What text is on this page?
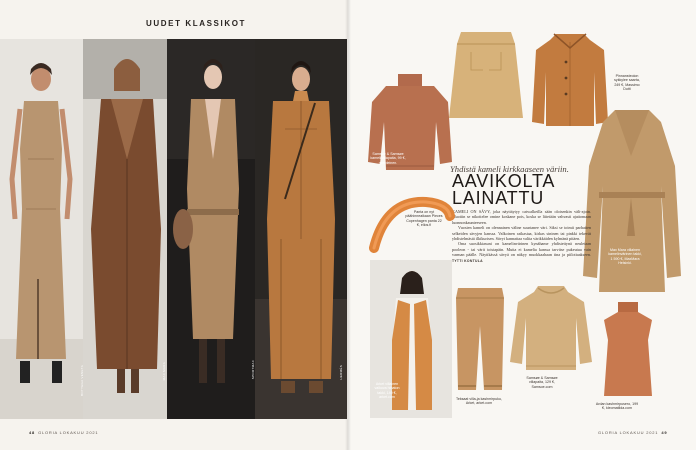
UUDET KLASSIKOT
BOTTEGA VENETA	MAX MARA	SPORTMAX	HERMÈS
48 GLORIA LOKAKUU 2021
Samsøe & Samsøe kameli villapaita, 99 €, gonpleinen.
Pinnansteoion sykkylee saarta, 249 €, Massimo Dutti
Max Mara villainen kamelinvärinen takki, 1 590 €, MaxMara Helsinki.
Yhdistä kameli kirkkaaseen väriin.
AAVIKOLTA
LAINATTU

KAMELI ON SÄVY, joka näyttäytyy catwalkeilla sään oloisenkin väli-ajoin. Muotiin se nikottelee omine koskane pois, koska se liitetään vahvasti ajattomaan luonnonkaunteeseen.

Vuosien kameli on olennainen väline suurtanee väri. Siksi se toimii parhaiten selkeiden sävyjen kanssa. Valkoinen raikastaa, kirkas sininen tai pinkki tekevät yhdistelmästä ilkikurisen. Sävyt kannattaa valita värikkäiden kylmänä pitäen.

Oma suosikkiasuni on kamelinvärinen kynähame yhdistettynä neuletaan pooleon - tai värit toistapäin. Mutta ei kamelia kanssa tarvitse pukeutua vain varman päälle. Näytikässä sävyä on näkyy muokkaahaan tina ja piilottaakseen. TYTTI KONTULA

Panta on nyt päähinneaikaan Pieces Copenhagen panta 22 €, ellos.fi
Arket villainen valkova hihaton takki, 149 €, arket.com	Teksaat villa-ja kashmirpuku, Arket, arket.com
Samsøe & Samsøe villapaita, 129 €, Samsoe.com
Ardan kashmirpusero, 199 €, kleomatilda.com
GLORIA LOKAKUU 2021 49
